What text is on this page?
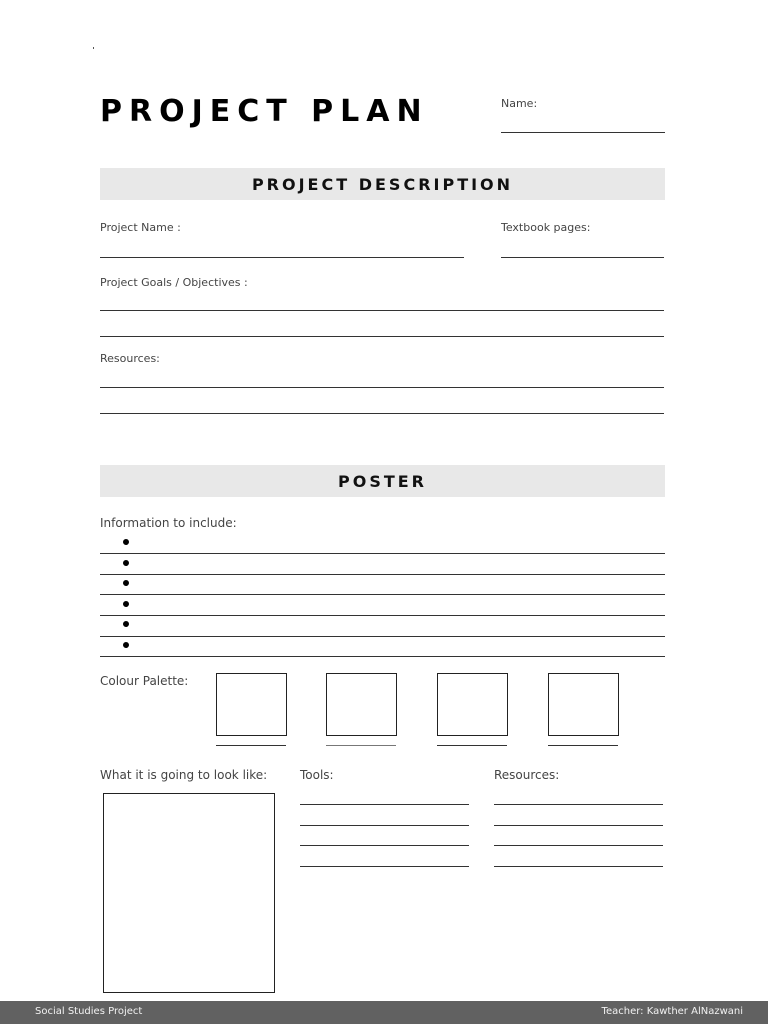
PROJECT PLAN	Name:
PROJECT DESCRIPTION
Project Name :	Textbook pages:
Project Goals / Objectives :
Resources:
POSTER
Information to include:
Colour Palette:
What it is going to look like:	Tools:	Resources:
Social Studies Project	Teacher: Kawther AlNazwani
